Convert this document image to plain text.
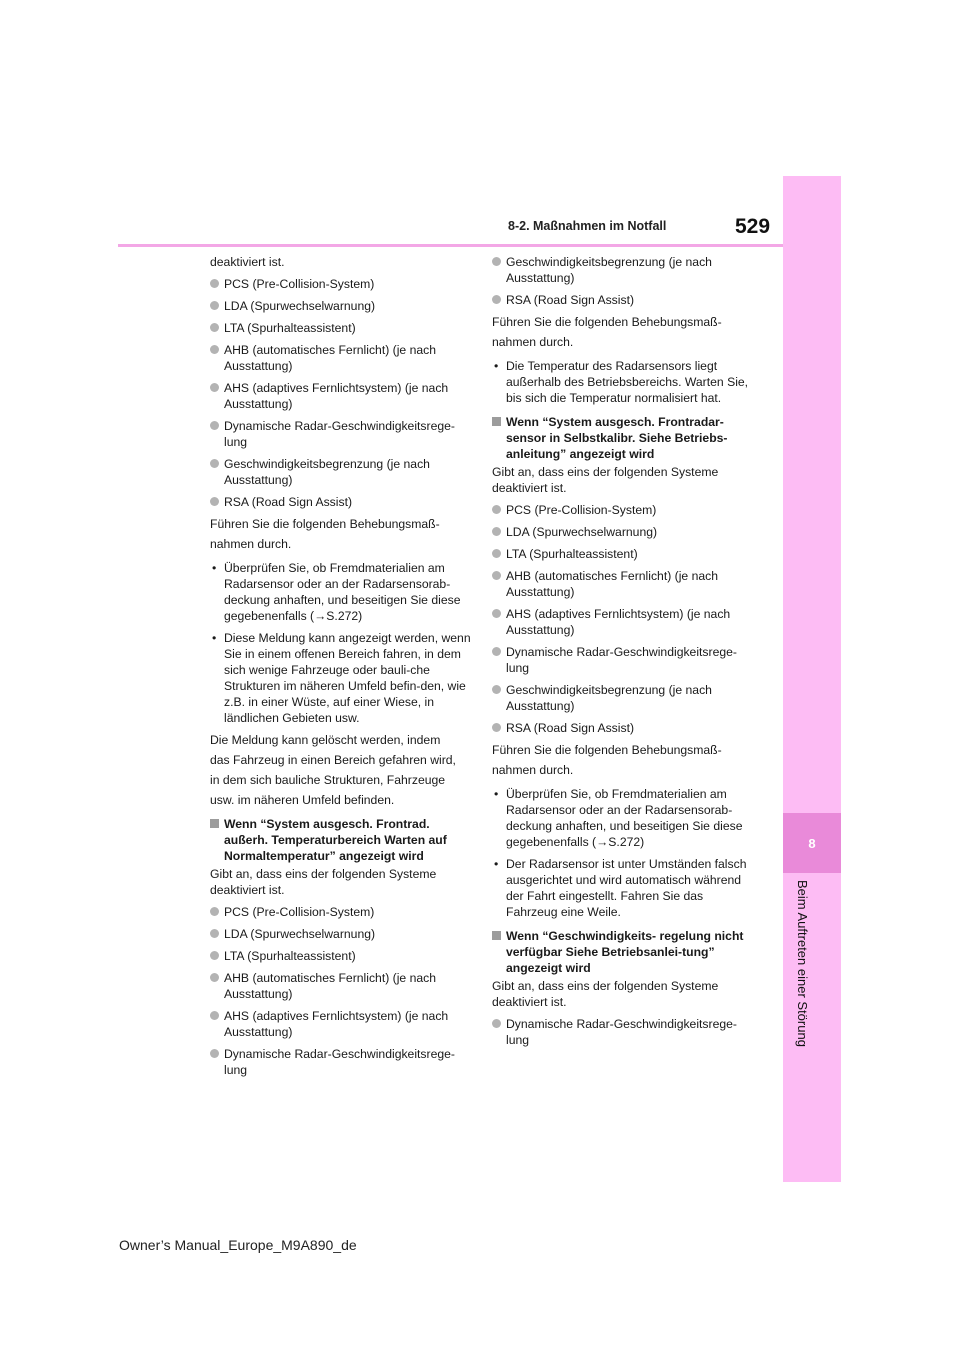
8
Beim Auftreten einer Störung
8-2. Maßnahmen im Notfall	529
deaktiviert ist.
PCS (Pre-Collision-System)
LDA (Spurwechselwarnung)
LTA (Spurhalteassistent)
AHB (automatisches Fernlicht) (je nach Ausstattung)
AHS (adaptives Fernlichtsystem) (je nach Ausstattung)
Dynamische Radar-Geschwindigkeitsrege-lung
Geschwindigkeitsbegrenzung (je nach Ausstattung)
RSA (Road Sign Assist)
Führen Sie die folgenden Behebungsmaß-
nahmen durch.
• Überprüfen Sie, ob Fremdmaterialien am Radarsensor oder an der Radarsensorab-deckung anhaften, und beseitigen Sie diese gegebenenfalls (→S.272)
• Diese Meldung kann angezeigt werden, wenn Sie in einem offenen Bereich fahren, in dem sich wenige Fahrzeuge oder bauli-che Strukturen im näheren Umfeld befin-den, wie z.B. in einer Wüste, auf einer Wiese, in ländlichen Gebieten usw.
Die Meldung kann gelöscht werden, indem
das Fahrzeug in einen Bereich gefahren wird,
in dem sich bauliche Strukturen, Fahrzeuge
usw. im näheren Umfeld befinden.
Wenn “System ausgesch. Frontrad. außerh. Temperaturbereich Warten auf Normaltemperatur” angezeigt wird
Gibt an, dass eins der folgenden Systeme deaktiviert ist.
PCS (Pre-Collision-System)
LDA (Spurwechselwarnung)
LTA (Spurhalteassistent)
AHB (automatisches Fernlicht) (je nach Ausstattung)
AHS (adaptives Fernlichtsystem) (je nach Ausstattung)
Dynamische Radar-Geschwindigkeitsrege-lung
Geschwindigkeitsbegrenzung (je nach Ausstattung)
RSA (Road Sign Assist)
Führen Sie die folgenden Behebungsmaß-
nahmen durch.
• Die Temperatur des Radarsensors liegt außerhalb des Betriebsbereichs. Warten Sie, bis sich die Temperatur normalisiert hat.
Wenn “System ausgesch. Frontradar-sensor in Selbstkalibr. Siehe Betriebs-anleitung” angezeigt wird
Gibt an, dass eins der folgenden Systeme deaktiviert ist.
PCS (Pre-Collision-System)
LDA (Spurwechselwarnung)
LTA (Spurhalteassistent)
AHB (automatisches Fernlicht) (je nach Ausstattung)
AHS (adaptives Fernlichtsystem) (je nach Ausstattung)
Dynamische Radar-Geschwindigkeitsrege-lung
Geschwindigkeitsbegrenzung (je nach Ausstattung)
RSA (Road Sign Assist)
Führen Sie die folgenden Behebungsmaß-
nahmen durch.
• Überprüfen Sie, ob Fremdmaterialien am Radarsensor oder an der Radarsensorab-deckung anhaften, und beseitigen Sie diese gegebenenfalls (→S.272)
• Der Radarsensor ist unter Umständen falsch ausgerichtet und wird automatisch während der Fahrt eingestellt. Fahren Sie das Fahrzeug eine Weile.
Wenn “Geschwindigkeits- regelung nicht verfügbar Siehe Betriebsanlei-tung” angezeigt wird
Gibt an, dass eins der folgenden Systeme deaktiviert ist.
Dynamische Radar-Geschwindigkeitsrege-lung
Owner’s Manual_Europe_M9A890_de
